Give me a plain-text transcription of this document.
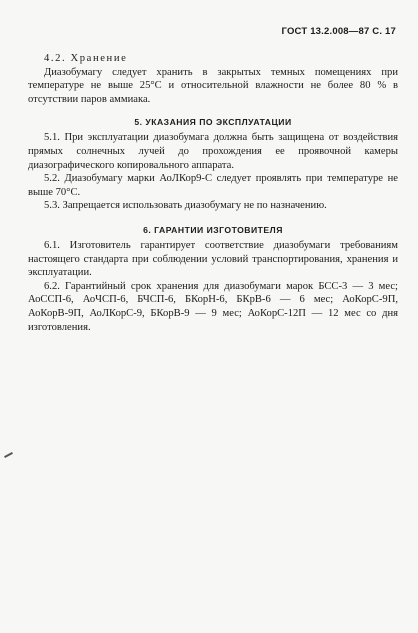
ГОСТ 13.2.008—87 С. 17

4.2. Хранение

Диазобумагу следует хранить в закрытых темных помещениях при температуре не выше 25°С и относительной влажности не более 80 % в отсутствии паров аммиака.

5. УКАЗАНИЯ ПО ЭКСПЛУАТАЦИИ

5.1. При эксплуатации диазобумага должна быть защищена от воздействия прямых солнечных лучей до прохождения ее проявочной камеры диазографического копировального аппарата.

5.2. Диазобумагу марки АоЛКор9-С следует проявлять при температуре не выше 70°С.

5.3. Запрещается использовать диазобумагу не по назначению.

6. ГАРАНТИИ ИЗГОТОВИТЕЛЯ

6.1. Изготовитель гарантирует соответствие диазобумаги требованиям настоящего стандарта при соблюдении условий транспортирования, хранения и эксплуатации.

6.2. Гарантийный срок хранения для диазобумаги марок БСС-3 — 3 мес; АоССП-6, АоЧСП-6, БЧСП-6, БКорН-6, БКрВ-6 — 6 мес; АоКорС-9П, АоКорВ-9П, АоЛКорС-9, БКорВ-9 — 9 мес; АоКорС-12П — 12 мес со дня изготовления.
